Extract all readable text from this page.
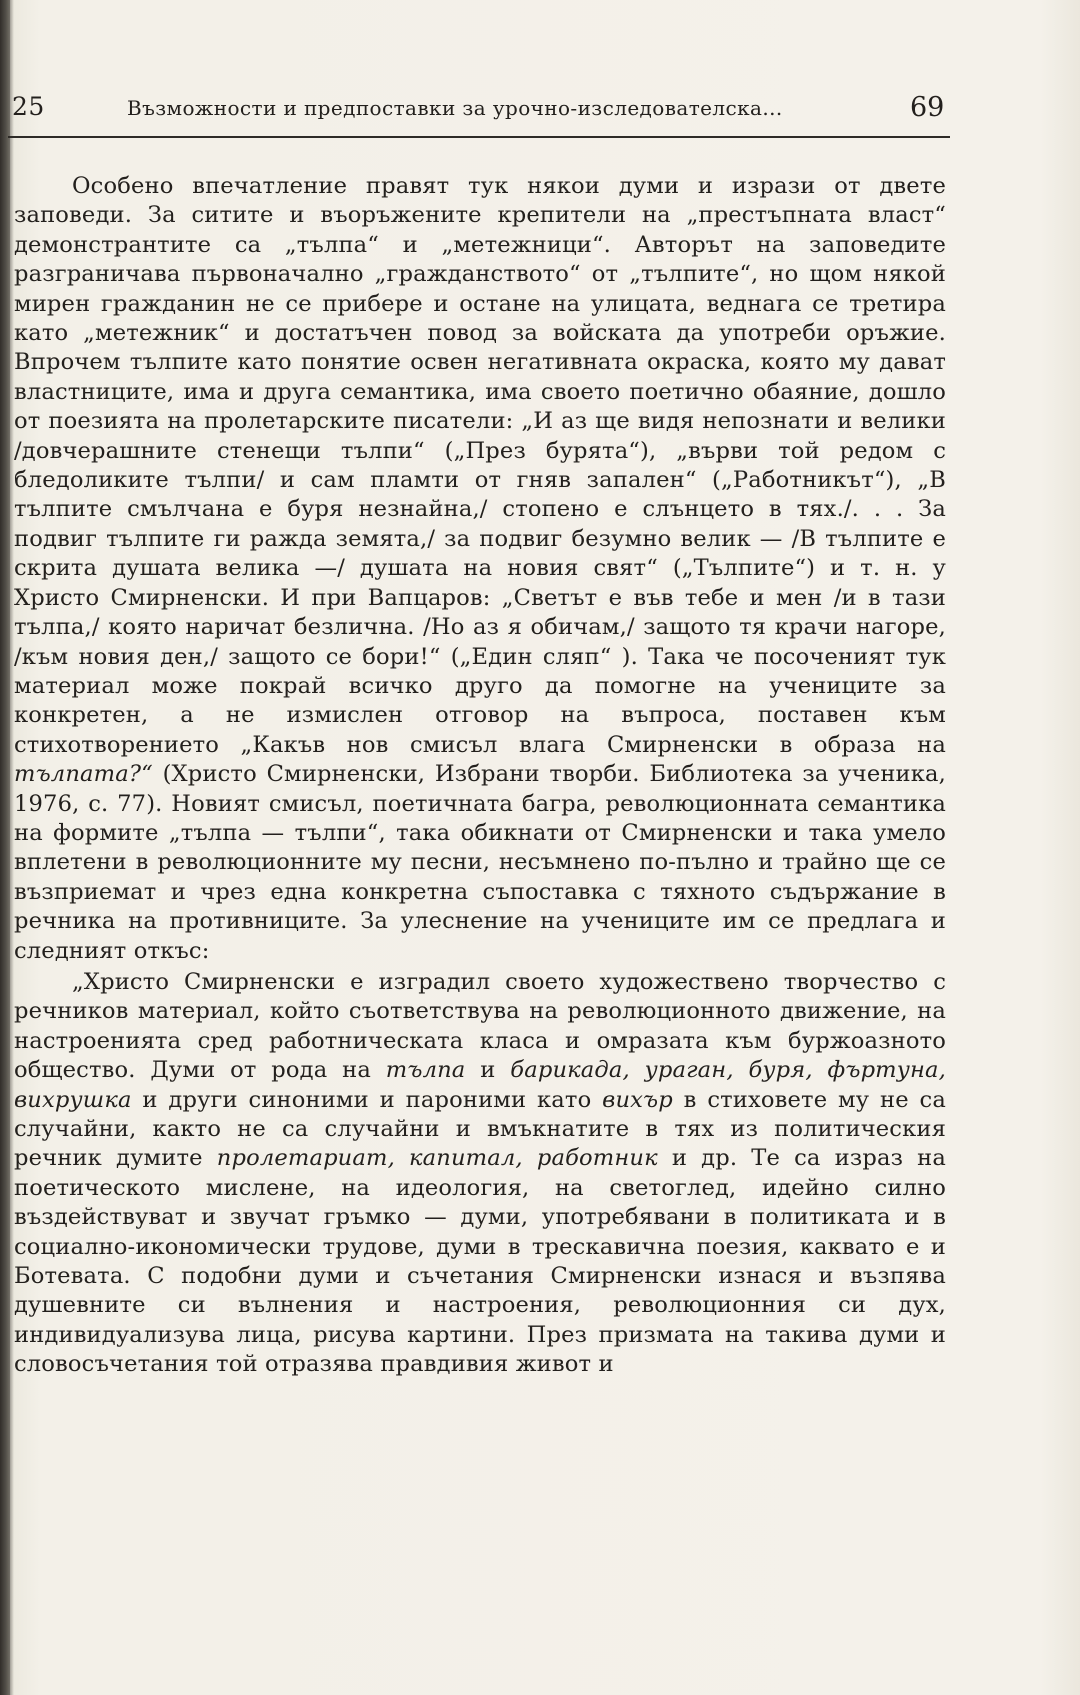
25	Възможности и предпоставки за урочно-изследователска...	69

Особено впечатление правят тук някои думи и изрази от двете заповеди. За ситите и въоръжените крепители на „престъпната власт“ демонстрантите са „тълпа“ и „метежници“. Авторът на заповедите разграничава първоначално „гражданството“ от „тълпите“, но щом някой мирен гражданин не се прибере и остане на улицата, веднага се третира като „метежник“ и достатъчен повод за войската да употреби оръжие. Впрочем тълпите като понятие освен негативната окраска, която му дават властниците, има и друга семантика, има своето поетично обаяние, дошло от поезията на пролетарските писатели: „И аз ще видя непознати и велики /довчерашните стенещи тълпи“ („През бурята“), „върви той редом с бледоликите тълпи/ и сам пламти от гняв запален“ („Работникът“), „В тълпите смълчана е буря незнайна,/ стопено е слънцето в тях./. . . За подвиг тълпите ги ражда земята,/ за подвиг безумно велик — /В тълпите е скрита душата велика —/ душата на новия свят“ („Тълпите“) и т. н. у Христо Смирненски. И при Вапцаров: „Светът е във тебе и мен /и в тази тълпа,/ която наричат безлична. /Но аз я обичам,/ защото тя крачи нагоре, /към новия ден,/ защото се бори!“ („Един сляп“ ). Така че посоченият тук материал може покрай всичко друго да помогне на учениците за конкретен, а не измислен отговор на въпроса, поставен към стихотворението „Какъв нов смисъл влага Смирненски в образа на тълпата?“ (Христо Смирненски, Избрани творби. Библиотека за ученика, 1976, с. 77). Новият смисъл, поетичната багра, революционната семантика на формите „тълпа — тълпи“, така обикнати от Смирненски и така умело вплетени в революционните му песни, несъмнено по-пълно и трайно ще се възприемат и чрез една конкретна съпоставка с тяхното съдържание в речника на противниците. За улеснение на учениците им се предлага и следният откъс:

„Христо Смирненски е изградил своето художествено творчество с речников материал, който съответствува на революционното движение, на настроенията сред работническата класа и омразата към буржоазното общество. Думи от рода на тълпа и барикада, ураган, буря, фъртуна, вихрушка и други синоними и пароними като вихър в стиховете му не са случайни, както не са случайни и вмъкнатите в тях из политическия речник думите пролетариат, капитал, работник и др. Те са израз на поетическото мислене, на идеология, на светоглед, идейно силно въздействуват и звучат гръмко — думи, употребявани в политиката и в социално-икономически трудове, думи в трескавична поезия, каквато е и Ботевата. С подобни думи и съчетания Смирненски изнася и възпява душевните си вълнения и настроения, революционния си дух, индивидуализува лица, рисува картини. През призмата на такива думи и словосъчетания той отразява правдивия живот и
